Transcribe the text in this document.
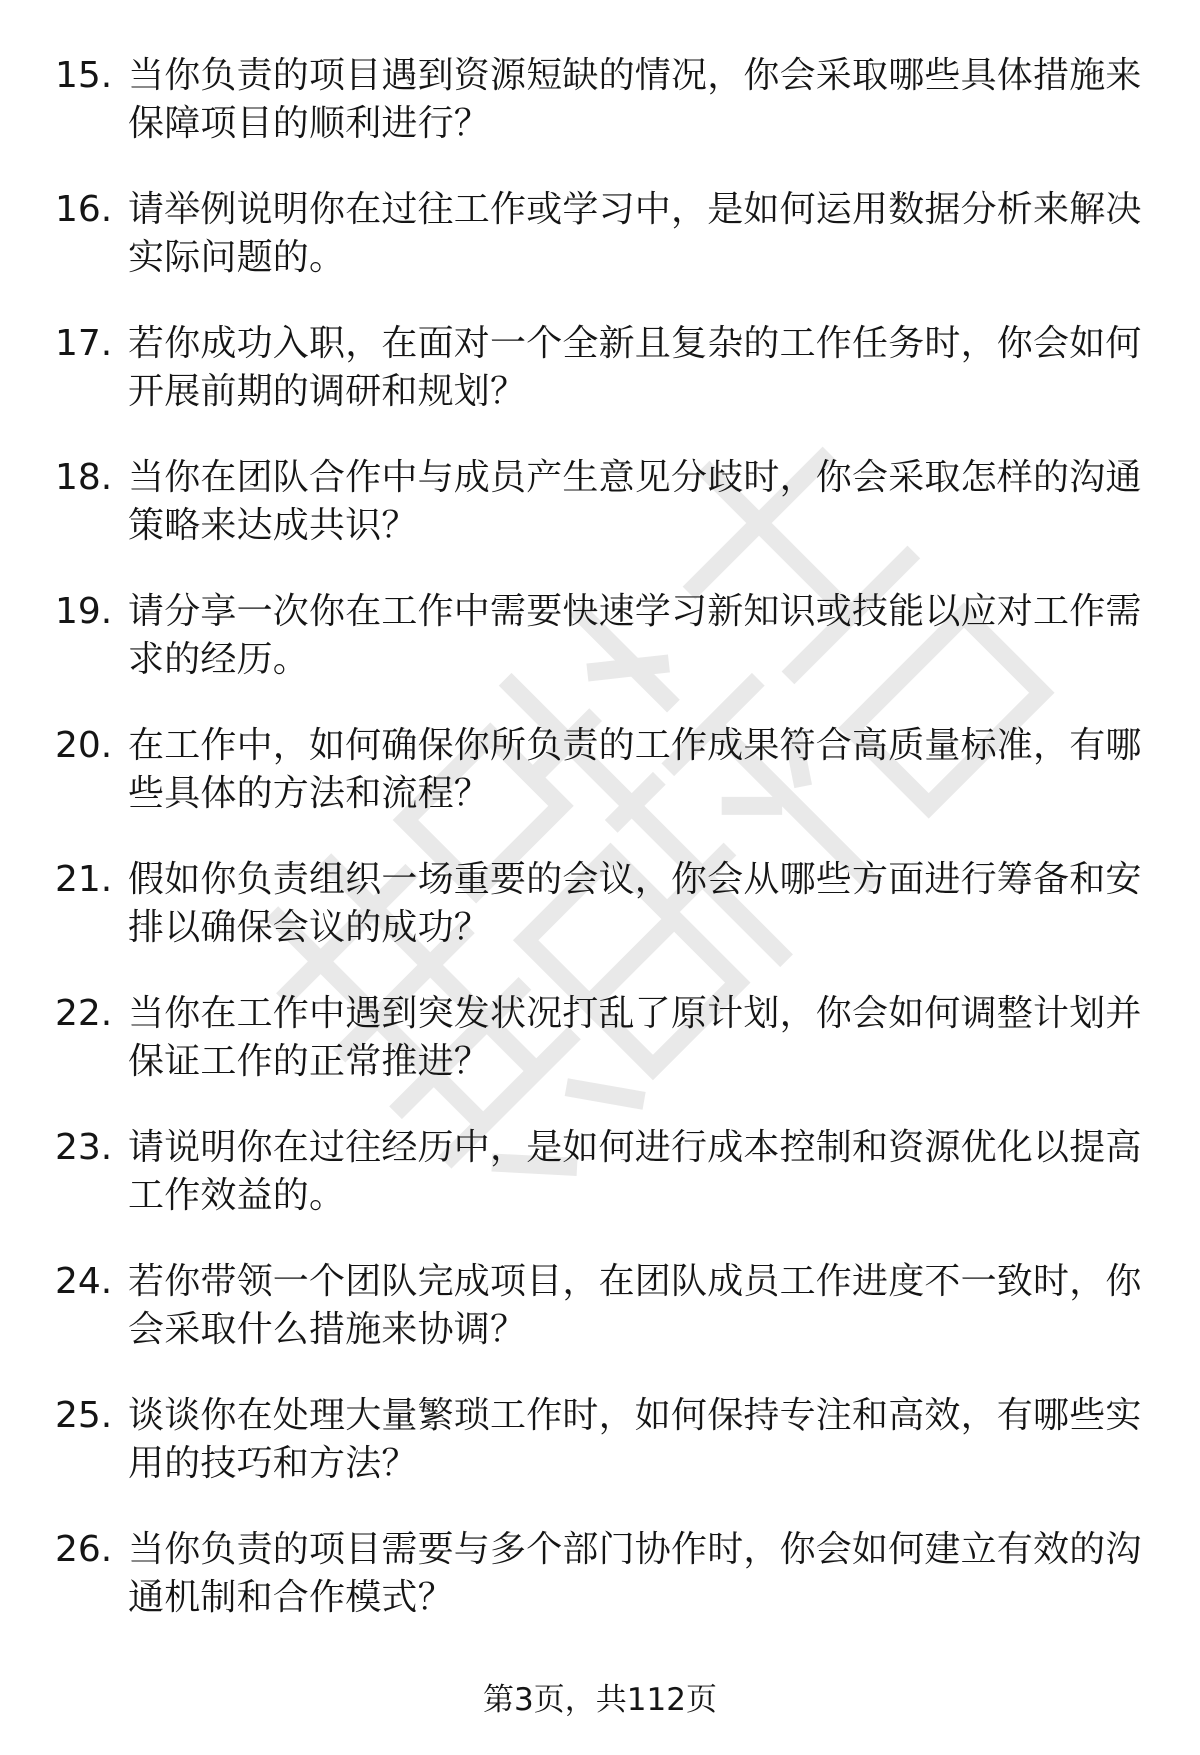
15. 当你负责的项目遇到资源短缺的情况，你会采取哪些具体措施来保障项目的顺利进行？
16. 请举例说明你在过往工作或学习中，是如何运用数据分析来解决实际问题的。
17. 若你成功入职，在面对一个全新且复杂的工作任务时，你会如何开展前期的调研和规划？
18. 当你在团队合作中与成员产生意见分歧时，你会采取怎样的沟通策略来达成共识？
19. 请分享一次你在工作中需要快速学习新知识或技能以应对工作需求的经历。
20. 在工作中，如何确保你所负责的工作成果符合高质量标准，有哪些具体的方法和流程？
21. 假如你负责组织一场重要的会议，你会从哪些方面进行筹备和安排以确保会议的成功？
22. 当你在工作中遇到突发状况打乱了原计划，你会如何调整计划并保证工作的正常推进？
23. 请说明你在过往经历中，是如何进行成本控制和资源优化以提高工作效益的。
24. 若你带领一个团队完成项目，在团队成员工作进度不一致时，你会采取什么措施来协调？
25. 谈谈你在处理大量繁琐工作时，如何保持专注和高效，有哪些实用的技巧和方法？
26. 当你负责的项目需要与多个部门协作时，你会如何建立有效的沟通机制和合作模式？
第3页，共112页
